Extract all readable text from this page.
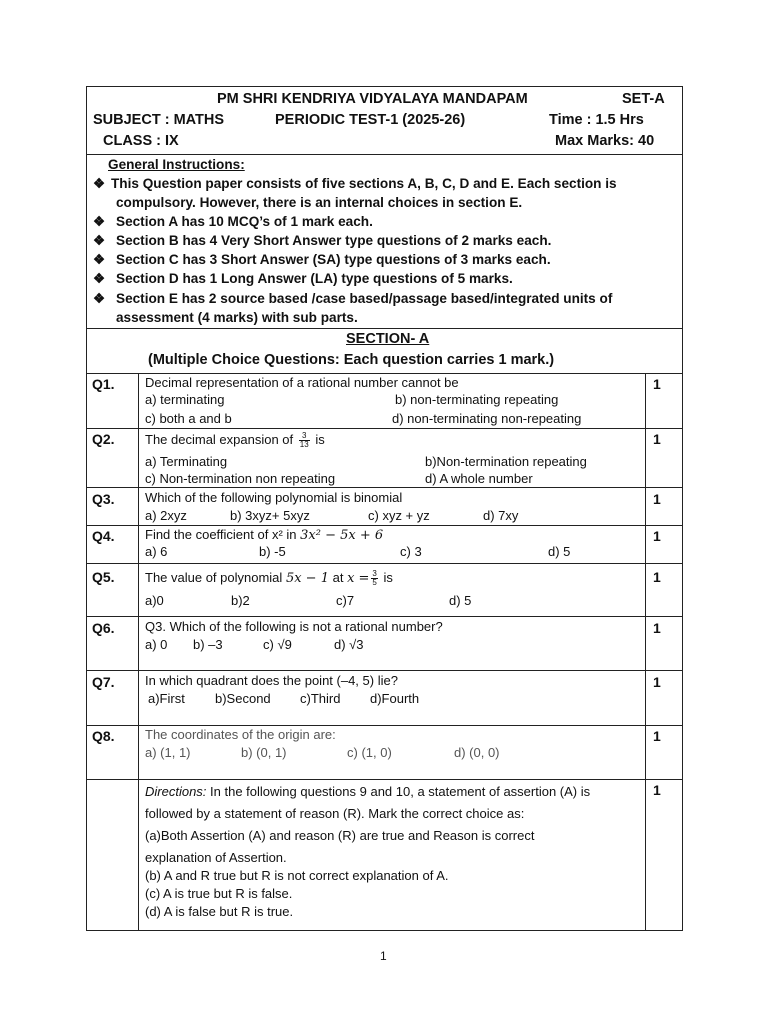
PM SHRI KENDRIYA VIDYALAYA MANDAPAM	SET-A
SUBJECT : MATHS	PERIODIC TEST-1 (2025-26)	Time : 1.5 Hrs
CLASS : IX	Max Marks: 40
General Instructions:
❖ This Question paper consists of five sections A, B, C, D and E. Each section is
compulsory. However, there is an internal choices in section E.
❖ Section A has 10 MCQ’s of 1 mark each.
❖ Section B has 4 Very Short Answer type questions of 2 marks each.
❖ Section C has 3 Short Answer (SA) type questions of 3 marks each.
❖ Section D has 1 Long Answer (LA) type questions of 5 marks.
❖ Section E has 2 source based /case based/passage based/integrated units of
assessment (4 marks) with sub parts.
SECTION- A
(Multiple Choice Questions: Each question carries 1 mark.)
Q1. Decimal representation of a rational number cannot be
a) terminating	b) non-terminating repeating
c) both a and b	d) non-terminating non-repeating
1
Q2. The decimal expansion of $\frac{3}{13}$ is
a) Terminating	b)Non-termination repeating
c) Non-termination non repeating	d) A whole number
1
Q3. Which of the following polynomial is binomial
a) 2xyz	b) 3xyz+ 5xyz	c) xyz + yz	d) 7xy
1
Q4. Find the coefficient of x² in 3x² − 5x + 6
a) 6	b) -5	c) 3	d) 5
1
Q5. The value of polynomial 5x − 1 at $x = \frac{3}{5}$ is
a)0	b)2	c)7	d) 5
1
Q6. Q3. Which of the following is not a rational number?
a) 0 b) –3	c) √9	d) √3
1
Q7. In which quadrant does the point (–4, 5) lie?
a)First b)Second c)Third d)Fourth
1
Q8. The coordinates of the origin are:
a) (1, 1)	b) (0, 1)	c) (1, 0)	d) (0, 0)
1
Directions: In the following questions 9 and 10, a statement of assertion (A) is
followed by a statement of reason (R). Mark the correct choice as:
(a)Both Assertion (A) and reason (R) are true and Reason is correct
explanation of Assertion.
(b) A and R true but R is not correct explanation of A.
(c) A is true but R is false.
(d) A is false but R is true.
1
1
